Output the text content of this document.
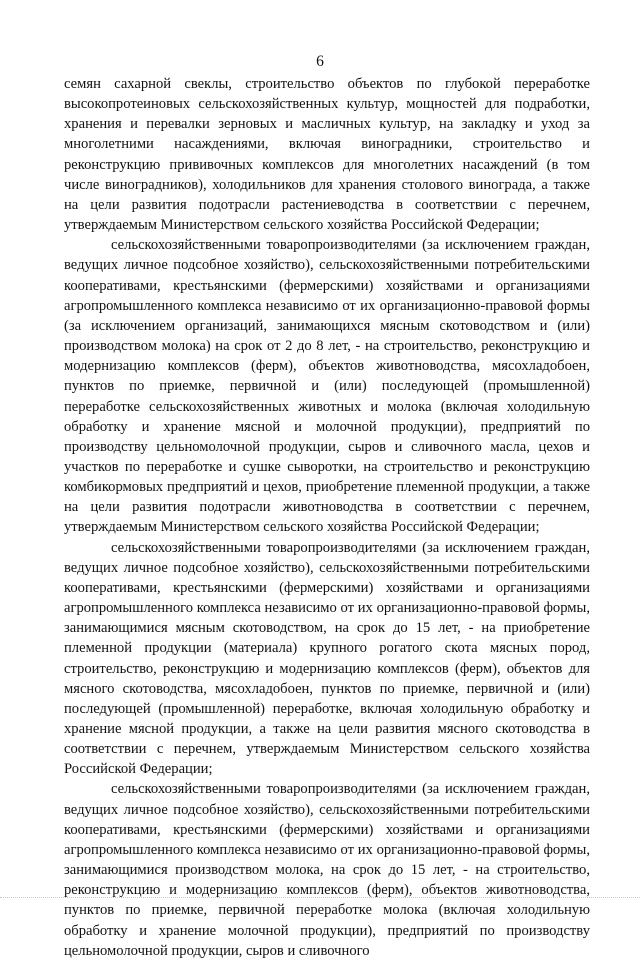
6

семян сахарной свеклы, строительство объектов по глубокой переработке высокопротеиновых сельскохозяйственных культур, мощностей для подработки, хранения и перевалки зерновых и масличных культур, на закладку и уход за многолетними насаждениями, включая виноградники, строительство и реконструкцию прививочных комплексов для многолетних насаждений (в том числе виноградников), холодильников для хранения столового винограда, а также на цели развития подотрасли растениеводства в соответствии с перечнем, утверждаемым Министерством сельского хозяйства Российской Федерации;

сельскохозяйственными товаропроизводителями (за исключением граждан, ведущих личное подсобное хозяйство), сельскохозяйственными потребительскими кооперативами, крестьянскими (фермерскими) хозяйствами и организациями агропромышленного комплекса независимо от их организационно-правовой формы (за исключением организаций, занимающихся мясным скотоводством и (или) производством молока) на срок от 2 до 8 лет, - на строительство, реконструкцию и модернизацию комплексов (ферм), объектов животноводства, мясохладобоен, пунктов по приемке, первичной и (или) последующей (промышленной) переработке сельскохозяйственных животных и молока (включая холодильную обработку и хранение мясной и молочной продукции), предприятий по производству цельномолочной продукции, сыров и сливочного масла, цехов и участков по переработке и сушке сыворотки, на строительство и реконструкцию комбикормовых предприятий и цехов, приобретение племенной продукции, а также на цели развития подотрасли животноводства в соответствии с перечнем, утверждаемым Министерством сельского хозяйства Российской Федерации;

сельскохозяйственными товаропроизводителями (за исключением граждан, ведущих личное подсобное хозяйство), сельскохозяйственными потребительскими кооперативами, крестьянскими (фермерскими) хозяйствами и организациями агропромышленного комплекса независимо от их организационно-правовой формы, занимающимися мясным скотоводством, на срок до 15 лет, - на приобретение племенной продукции (материала) крупного рогатого скота мясных пород, строительство, реконструкцию и модернизацию комплексов (ферм), объектов для мясного скотоводства, мясохладобоен, пунктов по приемке, первичной и (или) последующей (промышленной) переработке, включая холодильную обработку и хранение мясной продукции, а также на цели развития мясного скотоводства в соответствии с перечнем, утверждаемым Министерством сельского хозяйства Российской Федерации;

сельскохозяйственными товаропроизводителями (за исключением граждан, ведущих личное подсобное хозяйство), сельскохозяйственными потребительскими кооперативами, крестьянскими (фермерскими) хозяйствами и организациями агропромышленного комплекса независимо от их организационно-правовой формы, занимающимися производством молока, на срок до 15 лет, - на строительство, реконструкцию и модернизацию комплексов (ферм), объектов животноводства, пунктов по приемке, первичной переработке молока (включая холодильную обработку и хранение молочной продукции), предприятий по производству цельномолочной продукции, сыров и сливочного
